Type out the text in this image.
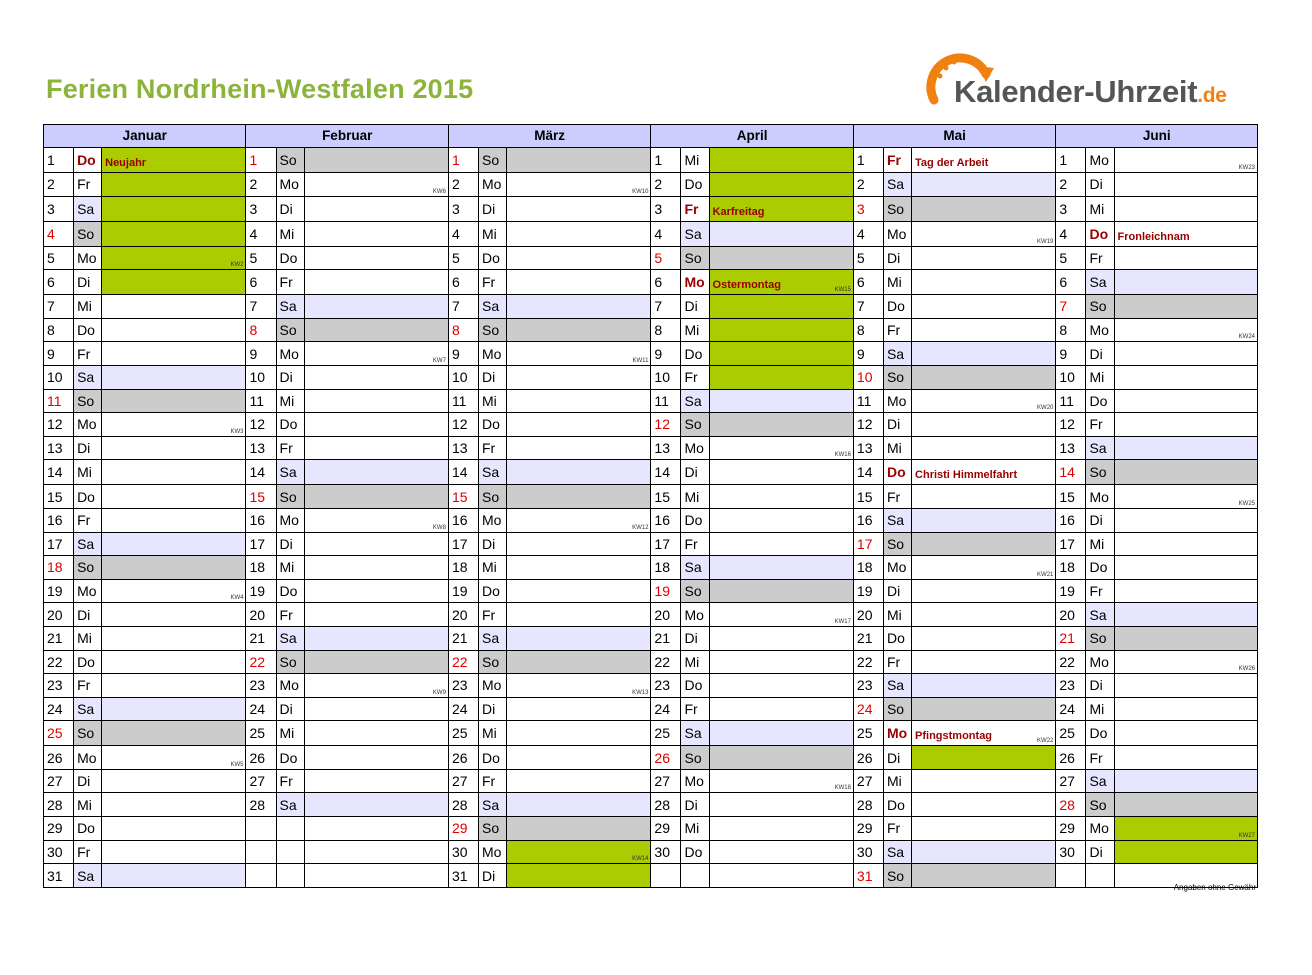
Ferien Nordrhein-Westfalen 2015	Kalender-Uhrzeit.de
Januar			Februar			März			April			Mai			Juni		
1	Do	Neujahr	1	So		1	So		1	Mi		1	Fr	Tag der Arbeit	1	Mo	KW23

2	Fr		2	Mo	KW6	2	Mo	KW10	2	Do		2	Sa		2	Di	
3	Sa		3	Di		3	Di		3	Fr	Karfreitag	3	So		3	Mi	
4	So		4	Mi		4	Mi		4	Sa		4	Mo	KW19	4	Do	Fronleichnam
5	Mo	KW2	5	Do		5	Do		5	So		5	Di		5	Fr	
6	Di		6	Fr		6	Fr		6	Mo	Ostermontag KW15	6	Mi		6	Sa	
7	Mi		7	Sa		7	Sa		7	Di		7	Do		7	So	
8	Do		8	So		8	So		8	Mi		8	Fr		8	Mo	KW24

9	Fr		9	Mo	KW7	9	Mo	KW11	9	Do		9	Sa		9	Di	
10	Sa		10	Di		10	Di		10	Fr		10	So		10	Mi	
11	So		11	Mi		11	Mi		11	Sa		11	Mo	KW20	11	Do	
12	Mo	KW3	12	Do		12	Do		12	So		12	Di		12	Fr	
13	Di		13	Fr		13	Fr		13	Mo	KW16	13	Mi		13	Sa	
14	Mi		14	Sa		14	Sa		14	Di		14	Do	Christi Himmelfahrt	14	So	
15	Do		15	So		15	So		15	Mi		15	Fr		15	Mo	KW25

16	Fr		16	Mo	KW8	16	Mo	KW12	16	Do		16	Sa		16	Di	
17	Sa		17	Di		17	Di		17	Fr		17	So		17	Mi	
18	So		18	Mi		18	Mi		18	Sa		18	Mo	KW21	18	Do	
19	Mo	KW4	19	Do		19	Do		19	So		19	Di		19	Fr	
20	Di		20	Fr		20	Fr		20	Mo	KW17	20	Mi		20	Sa	
21	Mi		21	Sa		21	Sa		21	Di		21	Do		21	So	
22	Do		22	So		22	So		22	Mi		22	Fr		22	Mo	KW26

23	Fr		23	Mo	KW9	23	Mo	KW13	23	Do		23	Sa		23	Di	
24	Sa		24	Di		24	Di		24	Fr		24	So		24	Mi	
25	So		25	Mi		25	Mi		25	Sa		25	Mo	Pfingstmontag KW22	25	Do	
26	Mo	KW5	26	Do		26	Do		26	So		26	Di		26	Fr	
27	Di		27	Fr		27	Fr		27	Mo	KW18	27	Mi		27	Sa	
28	Mi		28	Sa		28	Sa		28	Di		28	Do		28	So	
29	Do					29	So		29	Mi		29	Fr		29	Mo	KW27

30	Fr					30	Mo	KW14	30	Do		30	Sa		30	Di	
31	Sa					31	Di					31	So				
Angaben ohne Gewähr
